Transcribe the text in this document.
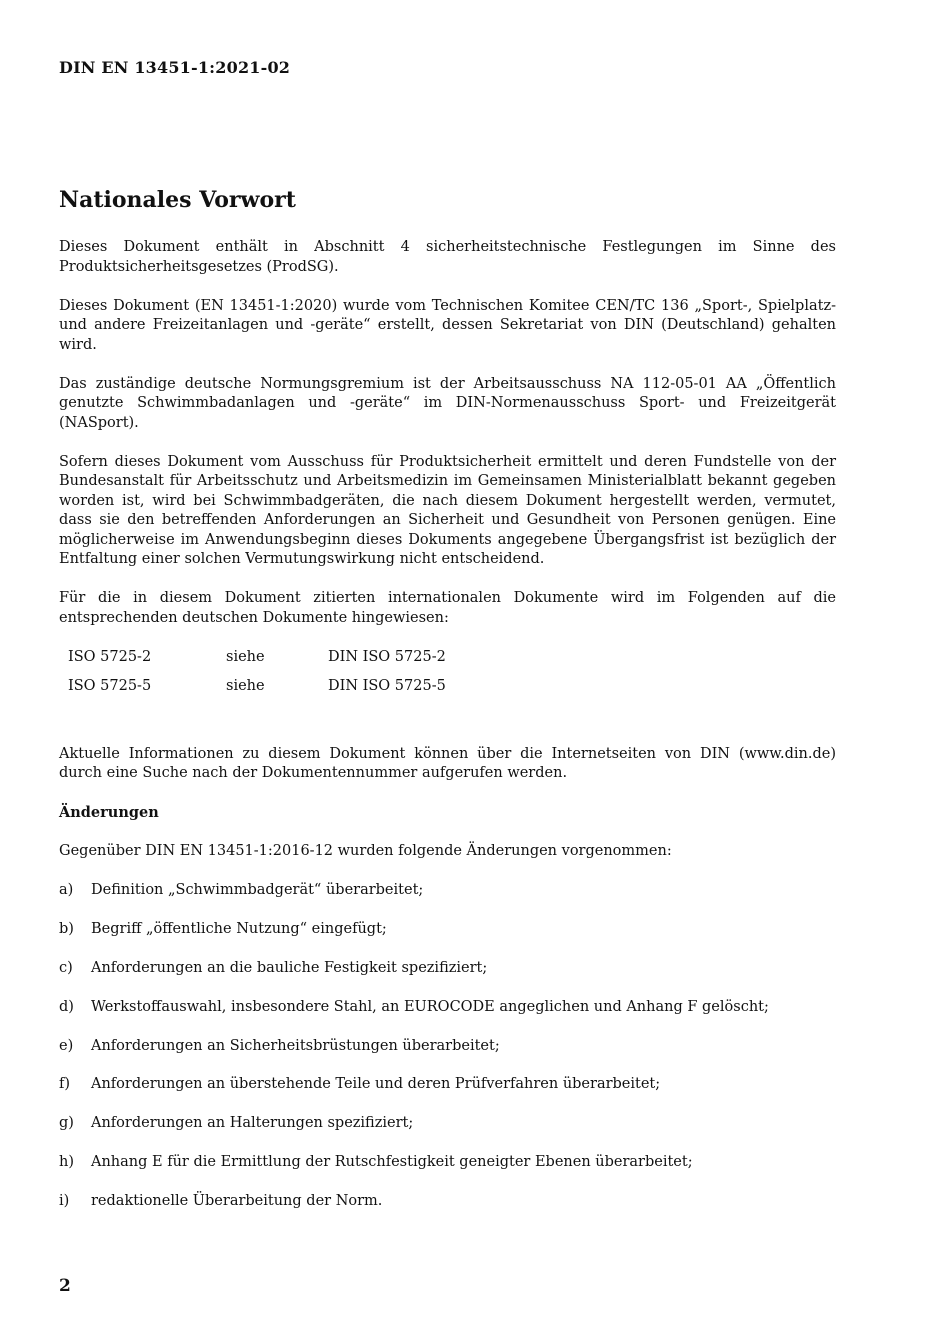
DIN EN 13451-1:2021-02
Nationales Vorwort

Dieses Dokument enthält in Abschnitt 4 sicherheitstechnische Festlegungen im Sinne des Produktsicherheitsgesetzes (ProdSG).

Dieses Dokument (EN 13451-1:2020) wurde vom Technischen Komitee CEN/TC 136 „Sport-, Spielplatz- und andere Freizeitanlagen und -geräte“ erstellt, dessen Sekretariat von DIN (Deutschland) gehalten wird.

Das zuständige deutsche Normungsgremium ist der Arbeitsausschuss NA 112-05-01 AA „Öffentlich genutzte Schwimmbadanlagen und -geräte“ im DIN-Normenausschuss Sport- und Freizeitgerät (NASport).

Sofern dieses Dokument vom Ausschuss für Produktsicherheit ermittelt und deren Fundstelle von der Bundesanstalt für Arbeitsschutz und Arbeitsmedizin im Gemeinsamen Ministerialblatt bekannt gegeben worden ist, wird bei Schwimmbadgeräten, die nach diesem Dokument hergestellt werden, vermutet, dass sie den betreffenden Anforderungen an Sicherheit und Gesundheit von Personen genügen. Eine möglicherweise im Anwendungsbeginn dieses Dokuments angegebene Übergangsfrist ist bezüglich der Entfaltung einer solchen Vermutungswirkung nicht entscheidend.

Für die in diesem Dokument zitierten internationalen Dokumente wird im Folgenden auf die entsprechenden deutschen Dokumente hingewiesen:

ISO 5725-2	siehe	DIN ISO 5725-2
ISO 5725-5	siehe	DIN ISO 5725-5

Aktuelle Informationen zu diesem Dokument können über die Internetseiten von DIN (www.din.de) durch eine Suche nach der Dokumentennummer aufgerufen werden.

Änderungen

Gegenüber DIN EN 13451-1:2016-12 wurden folgende Änderungen vorgenommen:

a)	Definition „Schwimmbadgerät“ überarbeitet;
b)	Begriff „öffentliche Nutzung“ eingefügt;
c)	Anforderungen an die bauliche Festigkeit spezifiziert;
d)	Werkstoffauswahl, insbesondere Stahl, an EUROCODE angeglichen und Anhang F gelöscht;
e)	Anforderungen an Sicherheitsbrüstungen überarbeitet;
f)	Anforderungen an überstehende Teile und deren Prüfverfahren überarbeitet;
g)	Anforderungen an Halterungen spezifiziert;
h)	Anhang E für die Ermittlung der Rutschfestigkeit geneigter Ebenen überarbeitet;
i)	redaktionelle Überarbeitung der Norm.
2
